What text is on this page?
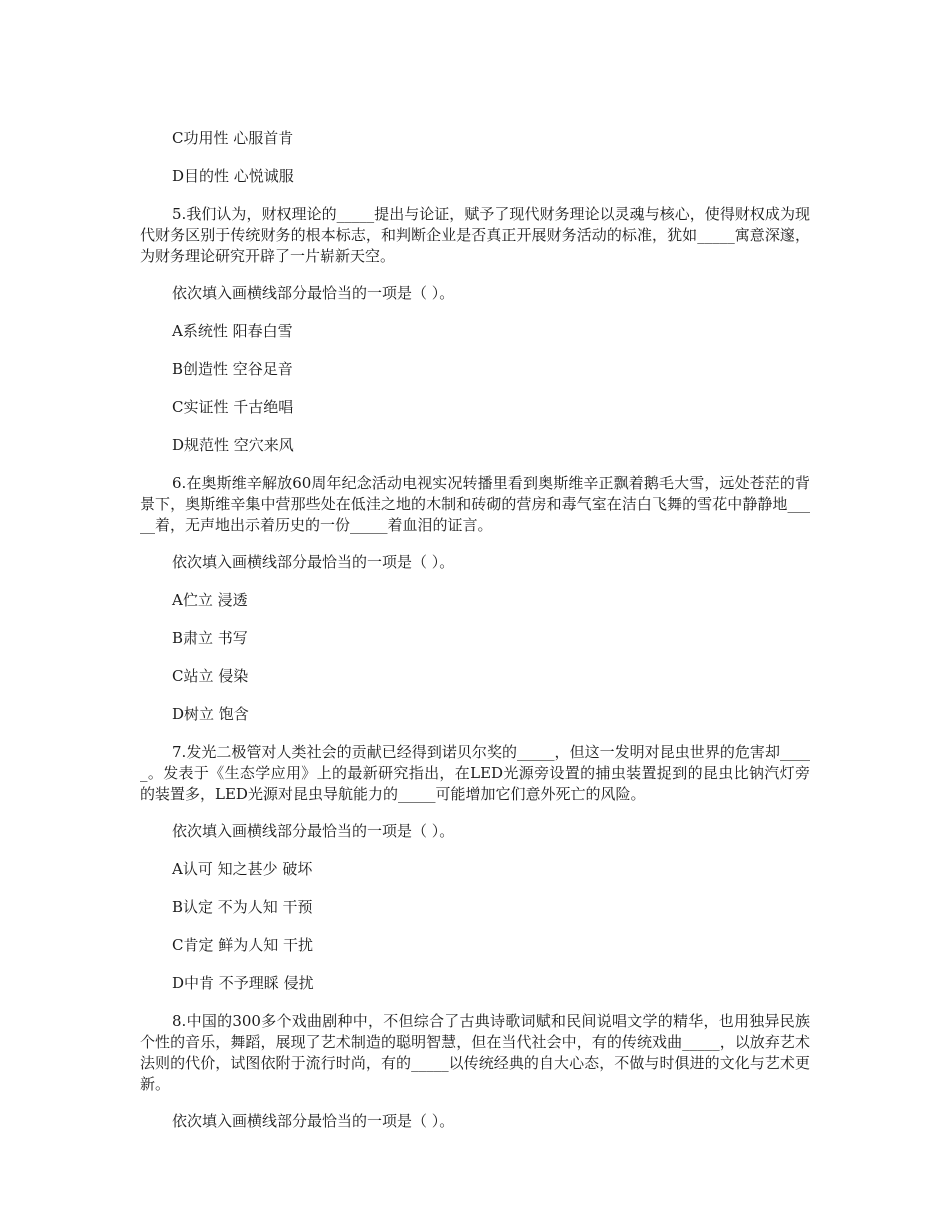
C功用性 心服首肯

D目的性 心悦诚服

5.我们认为，财权理论的_____提出与论证，赋予了现代财务理论以灵魂与核心，使得财权成为现代财务区别于传统财务的根本标志，和判断企业是否真正开展财务活动的标准，犹如_____寓意深邃，为财务理论研究开辟了一片崭新天空。

依次填入画横线部分最恰当的一项是（ ）。

A系统性 阳春白雪

B创造性 空谷足音

C实证性 千古绝唱

D规范性 空穴来风

6.在奥斯维辛解放60周年纪念活动电视实况转播里看到奥斯维辛正飘着鹅毛大雪，远处苍茫的背景下，奥斯维辛集中营那些处在低洼之地的木制和砖砌的营房和毒气室在洁白飞舞的雪花中静静地_____着，无声地出示着历史的一份_____着血泪的证言。

依次填入画横线部分最恰当的一项是（ ）。

A伫立 浸透

B肃立 书写

C站立 侵染

D树立 饱含

7.发光二极管对人类社会的贡献已经得到诺贝尔奖的_____，但这一发明对昆虫世界的危害却_____。发表于《生态学应用》上的最新研究指出，在LED光源旁设置的捕虫装置捉到的昆虫比钠汽灯旁的装置多，LED光源对昆虫导航能力的_____可能增加它们意外死亡的风险。

依次填入画横线部分最恰当的一项是（ ）。

A认可 知之甚少 破坏

B认定 不为人知 干预

C肯定 鲜为人知 干扰

D中肯 不予理睬 侵扰

8.中国的300多个戏曲剧种中，不但综合了古典诗歌词赋和民间说唱文学的精华，也用独异民族个性的音乐，舞蹈，展现了艺术制造的聪明智慧，但在当代社会中，有的传统戏曲_____，以放弃艺术法则的代价，试图依附于流行时尚，有的_____以传统经典的自大心态，不做与时俱进的文化与艺术更新。

依次填入画横线部分最恰当的一项是（ ）。
